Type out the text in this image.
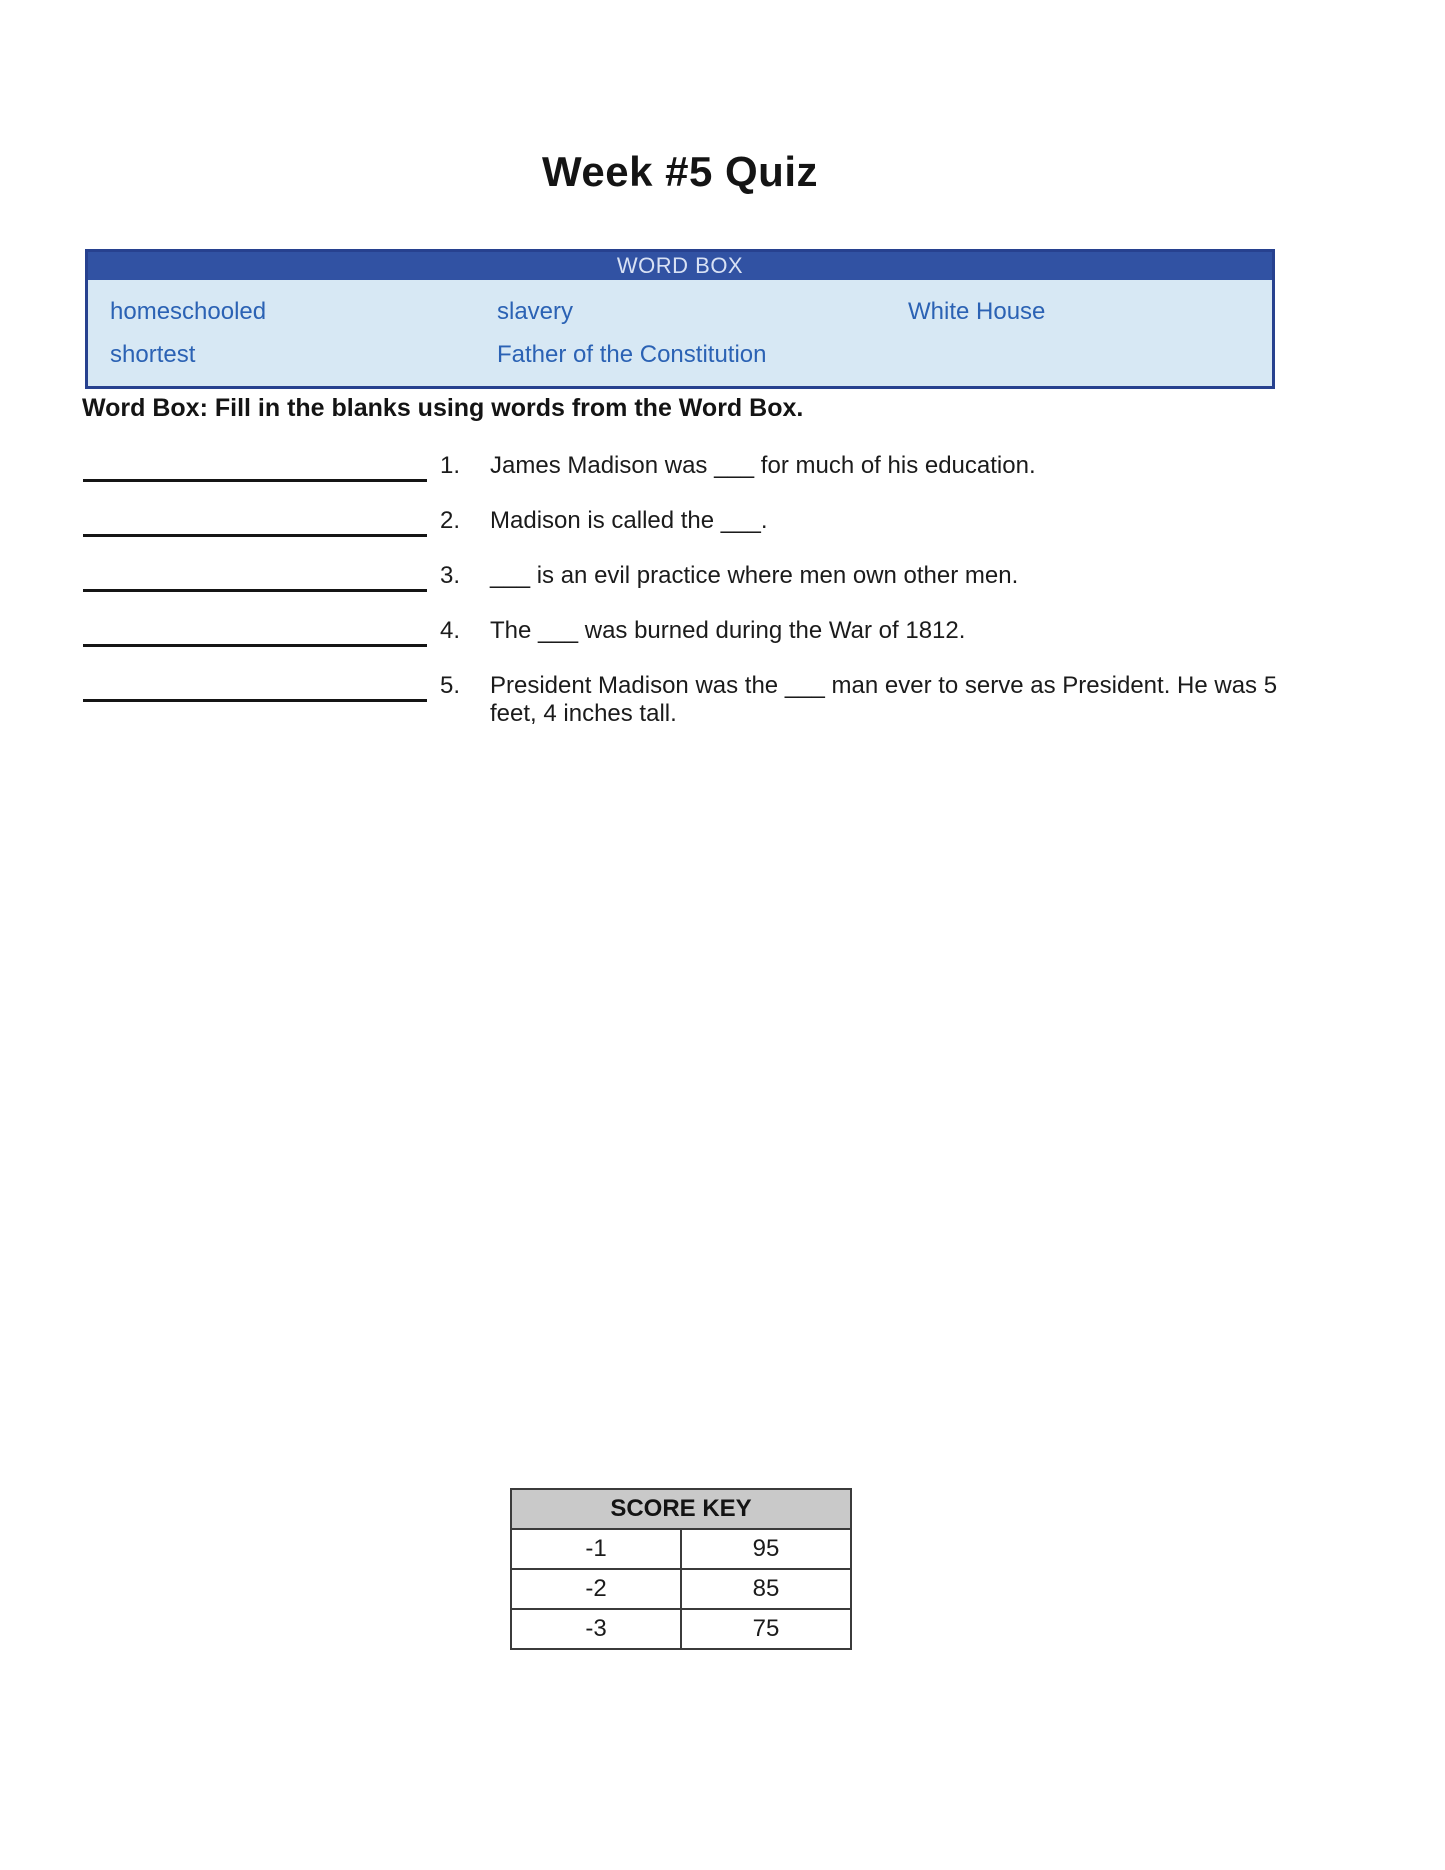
Week #5 Quiz
WORD BOX
homeschooled	slavery	White House
shortest	Father of the Constitution
Word Box: Fill in the blanks using words from the Word Box.
1.	James Madison was ___ for much of his education.
2.	Madison is called the ___.
3.	___ is an evil practice where men own other men.
4.	The ___ was burned during the War of 1812.
5.	President Madison was the ___ man ever to serve as President. He was 5 feet, 4 inches tall.
SCORE KEY	
-1	95
-2	85
-3	75
